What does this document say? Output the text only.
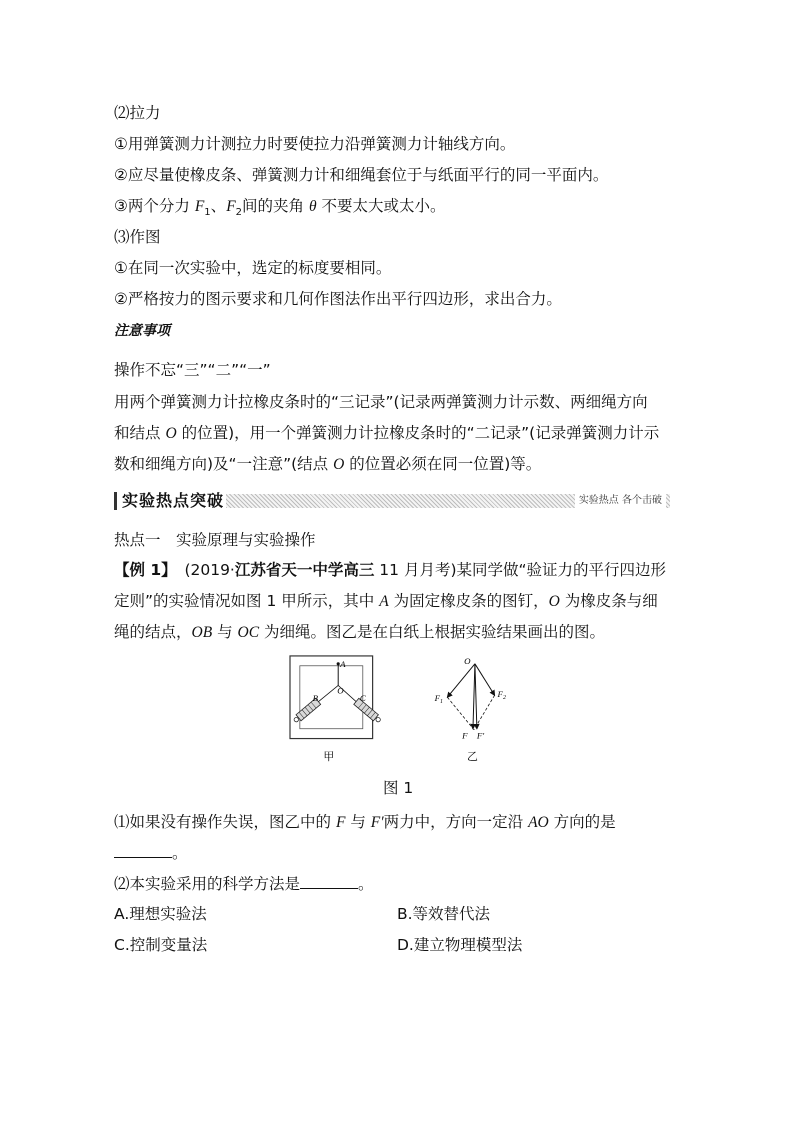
⑵拉力
①用弹簧测力计测拉力时要使拉力沿弹簧测力计轴线方向。
②应尽量使橡皮条、弹簧测力计和细绳套位于与纸面平行的同一平面内。
③两个分力 $F_1$、$F_2$间的夹角 θ 不要太大或太小。
⑶作图
①在同一次实验中，选定的标度要相同。
②严格按力的图示要求和几何作图法作出平行四边形，求出合力。
注意事项
操作不忘“三”“二”“一”
用两个弹簧测力计拉橡皮条时的“三记录”(记录两弹簧测力计示数、两细绳方向
和结点 O 的位置)，用一个弹簧测力计拉橡皮条时的“二记录”(记录弹簧测力计示
数和细绳方向)及“一注意”(结点 O 的位置必须在同一位置)等。
实验热点突破	实验热点 各个击破
热点一　实验原理与实验操作
【例 1】　(2019·江苏省天一中学高三 11 月月考)某同学做“验证力的平行四边形
定则”的实验情况如图 1 甲所示，其中 A 为固定橡皮条的图钉，O 为橡皮条与细
绳的结点，OB 与 OC 为细绳。图乙是在白纸上根据实验结果画出的图。
A
O
B	C
O
$F_1$
$F_2$
F F′
甲	乙
图 1
⑴如果没有操作失误，图乙中的 F 与 F′两力中，方向一定沿 AO 方向的是
。
⑵本实验采用的科学方法是	。
A.理想实验法	B.等效替代法
C.控制变量法	D.建立物理模型法
